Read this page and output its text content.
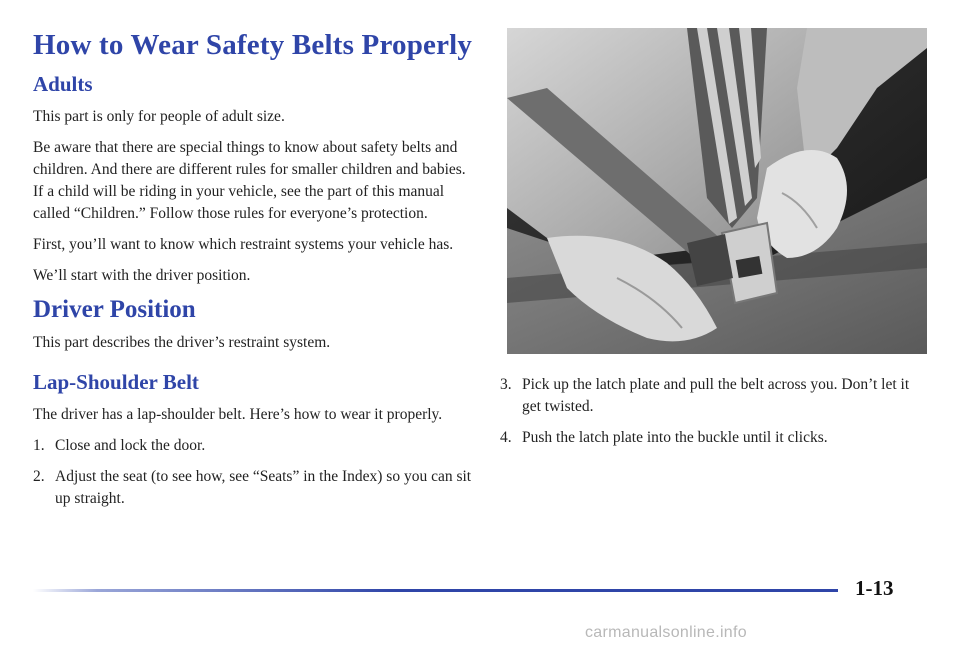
How to Wear Safety Belts Properly
Adults

This part is only for people of adult size.

Be aware that there are special things to know about safety belts and children. And there are different rules for smaller children and babies. If a child will be riding in your vehicle, see the part of this manual called “Children.” Follow those rules for everyone’s protection.

First, you’ll want to know which restraint systems your vehicle has.

We’ll start with the driver position.

Driver Position

This part describes the driver’s restraint system.

Lap-Shoulder Belt

The driver has a lap-shoulder belt. Here’s how to wear it properly.

1. Close and lock the door.
2. Adjust the seat (to see how, see “Seats” in the Index) so you can sit up straight.
3. Pick up the latch plate and pull the belt across you. Don’t let it get twisted.
4. Push the latch plate into the buckle until it clicks.
1-13
carmanualsonline.info
